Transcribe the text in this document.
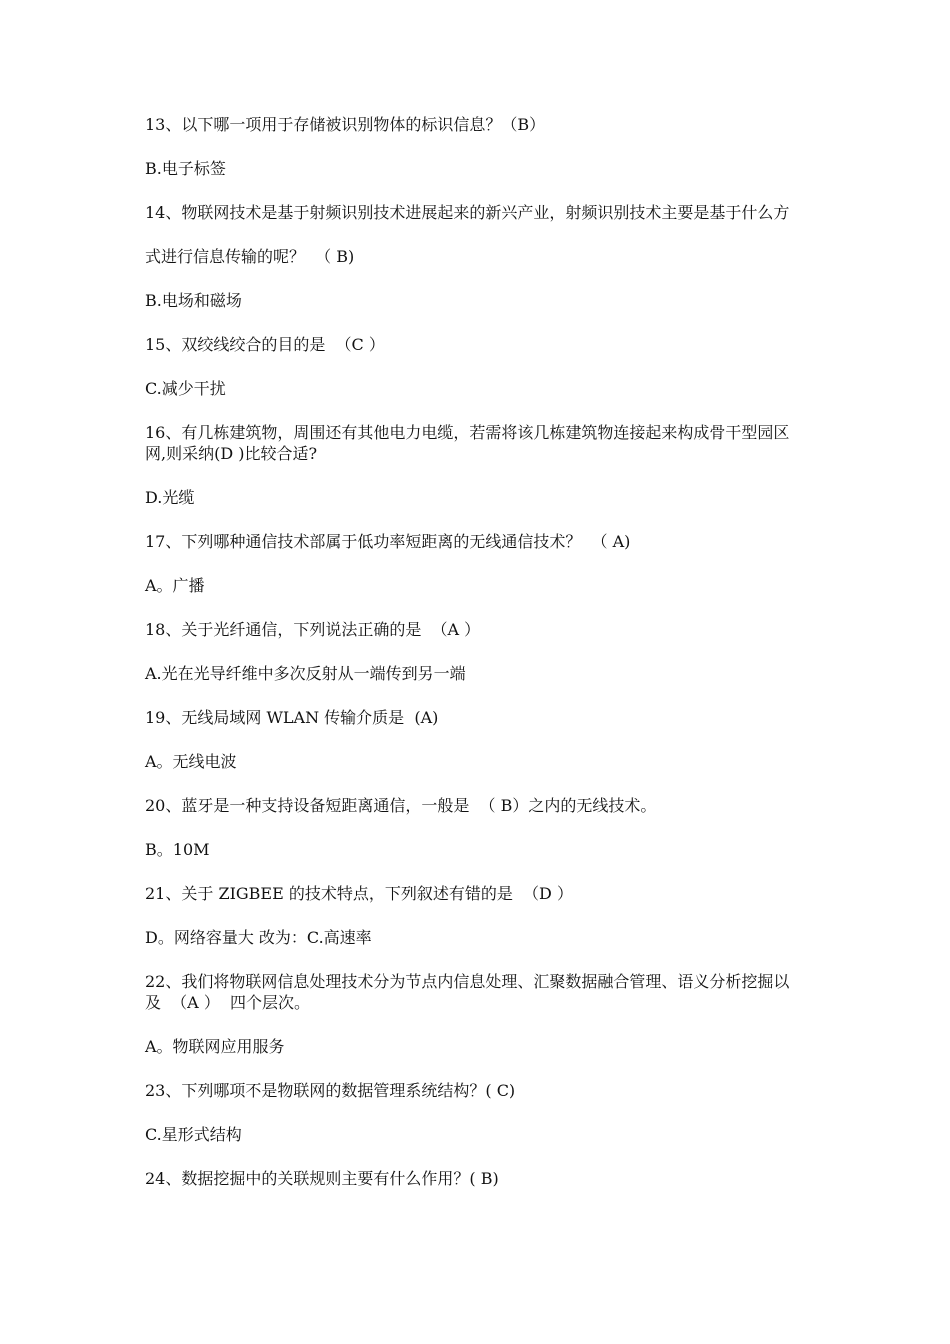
13、以下哪一项用于存储被识别物体的标识信息？（B）

B.电子标签

14、物联网技术是基于射频识别技术进展起来的新兴产业，射频识别技术主要是基于什么方

式进行信息传输的呢？  （ B)

B.电场和磁场

15、双绞线绞合的目的是  （C ）

C.减少干扰

16、有几栋建筑物，周围还有其他电力电缆，若需将该几栋建筑物连接起来构成骨干型园区网,则采纳(D )比较合适?

D.光缆

17、下列哪种通信技术部属于低功率短距离的无线通信技术？  （ A)

A。广播

18、关于光纤通信，下列说法正确的是  （A ）

A.光在光导纤维中多次反射从一端传到另一端

19、无线局域网 WLAN 传输介质是  (A)

A。无线电波

20、蓝牙是一种支持设备短距离通信，一般是  （ B）之内的无线技术。

B。10M

21、关于 ZIGBEE 的技术特点，下列叙述有错的是  （D ）

D。网络容量大 改为：C.高速率

22、我们将物联网信息处理技术分为节点内信息处理、汇聚数据融合管理、语义分析挖掘以及  （A ）  四个层次。

A。物联网应用服务

23、下列哪项不是物联网的数据管理系统结构？( C)

C.星形式结构

24、数据挖掘中的关联规则主要有什么作用？( B)
